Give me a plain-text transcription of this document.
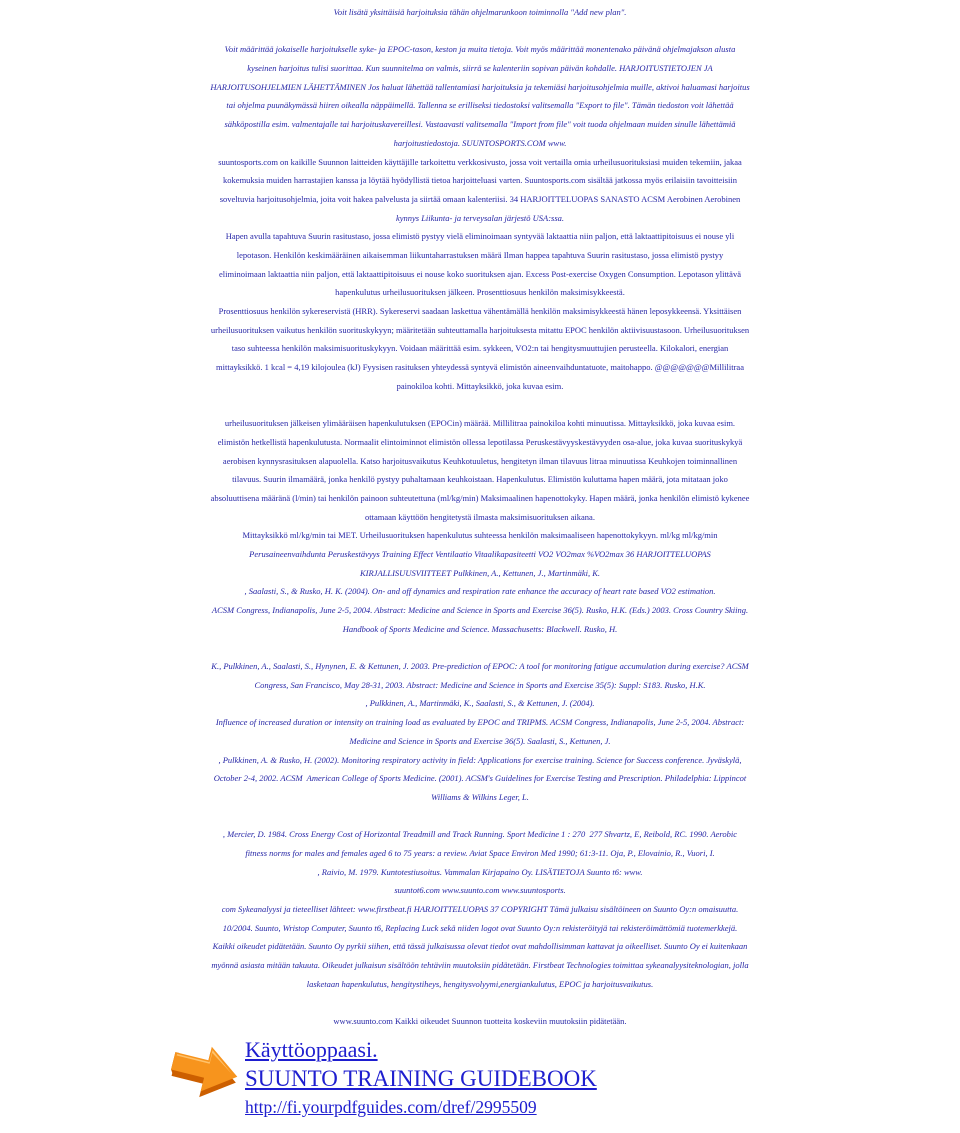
Voit lisätä yksittäisiä harjoituksia tähän ohjelmarunkoon toiminnolla "Add new plan".
Voit määrittää jokaiselle harjoitukselle syke- ja EPOC-tason, keston ja muita tietoja. Voit myös määrittää monentenako päivänä ohjelmajakson alusta
kyseinen harjoitus tulisi suorittaa. Kun suunnitelma on valmis, siirrä se kalenteriin sopivan päivän kohdalle. HARJOITUSTIETOJEN JA
HARJOITUSOHJELMIEN LÄHETTÄMINEN Jos haluat lähettää tallentamiasi harjoituksia ja tekemiäsi harjoitusohjelmia muille, aktivoi haluamasi harjoitus
tai ohjelma puunäkymässä hiiren oikealla näppäimellä. Tallenna se erilliseksi tiedostoksi valitsemalla "Export to file". Tämän tiedoston voit lähettää
sähköpostilla esim. valmentajalle tai harjoituskavereillesi. Vastaavasti valitsemalla "Import from file" voit tuoda ohjelmaan muiden sinulle lähettämiä
harjoitustiedostoja. SUUNTOSPORTS.COM www.
suuntosports.com on kaikille Suunnon laitteiden käyttäjille tarkoitettu verkkosivusto, jossa voit vertailla omia urheilusuorituksiasi muiden tekemiin, jakaa
kokemuksia muiden harrastajien kanssa ja löytää hyödyllistä tietoa harjoitteluasi varten. Suuntosports.com sisältää jatkossa myös erilaisiin tavoitteisiin
soveltuvia harjoitusohjelmia, joita voit hakea palvelusta ja siirtää omaan kalenteriisi. 34 HARJOITTELUOPAS SANASTO ACSM Aerobinen Aerobinen
kynnys Liikunta- ja terveysalan järjestö USA:ssa.
Hapen avulla tapahtuva Suurin rasitustaso, jossa elimistö pystyy vielä eliminoimaan syntyvää laktaattia niin paljon, että laktaattipitoisuus ei nouse yli
lepotason. Henkilön keskimääräinen aikaisemman liikuntaharrastuksen määrä Ilman happea tapahtuva Suurin rasitustaso, jossa elimistö pystyy
eliminoimaan laktaattia niin paljon, että laktaattipitoisuus ei nouse koko suorituksen ajan. Excess Post-exercise Oxygen Consumption. Lepotason ylittävä
hapenkulutus urheilusuorituksen jälkeen. Prosenttiosuus henkilön maksimisykkeestä.
Prosenttiosuus henkilön sykereservistä (HRR). Sykereservi saadaan laskettua vähentämällä henkilön maksimisykkeestä hänen leposykkeensä. Yksittäisen
urheilusuorituksen vaikutus henkilön suorituskykyyn; määritetään suhteuttamalla harjoituksesta mitattu EPOC henkilön aktiivisuustasoon. Urheilusuorituksen
taso suhteessa henkilön maksimisuorituskykyyn. Voidaan määrittää esim. sykkeen, VO2:n tai hengitysmuuttujien perusteella. Kilokalori, energian
mittayksikkö. 1 kcal = 4,19 kilojoulea (kJ) Fyysisen rasituksen yhteydessä syntyvä elimistön aineenvaihduntatuote, maitohappo. @@@@@@@Millilitraa
painokiloa kohti. Mittayksikkö, joka kuvaa esim.
urheilusuorituksen jälkeisen ylimääräisen hapenkulutuksen (EPOCin) määrää. Millilitraa painokiloa kohti minuutissa. Mittayksikkö, joka kuvaa esim.
elimistön hetkellistä hapenkulutusta. Normaalit elintoiminnot elimistön ollessa lepotilassa Peruskestävyyskestävyyden osa-alue, joka kuvaa suorituskykyä
aerobisen kynnysrasituksen alapuolella. Katso harjoitusvaikutus Keuhkotuuletus, hengitetyn ilman tilavuus litraa minuutissa Keuhkojen toiminnallinen
tilavuus. Suurin ilmamäärä, jonka henkilö pystyy puhaltamaan keuhkoistaan. Hapenkulutus. Elimistön kuluttama hapen määrä, jota mitataan joko
absoluuttisena määränä (l/min) tai henkilön painoon suhteutettuna (ml/kg/min) Maksimaalinen hapenottokyky. Hapen määrä, jonka henkilön elimistö kykenee
ottamaan käyttöön hengitetystä ilmasta maksimisuorituksen aikana.
Mittayksikkö ml/kg/min tai MET. Urheilusuorituksen hapenkulutus suhteessa henkilön maksimaaliseen hapenottokykyyn. ml/kg ml/kg/min
Perusaineenvaihdunta Peruskestävyys Training Effect Ventilaatio Vitaalikapasiteetti VO2 VO2max %VO2max 36 HARJOITTELUOPAS
KIRJALLISUUSVIITTEET Pulkkinen, A., Kettunen, J., Martinmäki, K.
, Saalasti, S., & Rusko, H. K. (2004). On- and off dynamics and respiration rate enhance the accuracy of heart rate based VO2 estimation.
ACSM Congress, Indianapolis, June 2-5, 2004. Abstract: Medicine and Science in Sports and Exercise 36(5). Rusko, H.K. (Eds.) 2003. Cross Country Skiing.
Handbook of Sports Medicine and Science. Massachusetts: Blackwell. Rusko, H.
K., Pulkkinen, A., Saalasti, S., Hynynen, E. & Kettunen, J. 2003. Pre-prediction of EPOC: A tool for monitoring fatigue accumulation during exercise? ACSM
Congress, San Francisco, May 28-31, 2003. Abstract: Medicine and Science in Sports and Exercise 35(5): Suppl: S183. Rusko, H.K.
, Pulkkinen, A., Martinmäki, K., Saalasti, S., & Kettunen, J. (2004).
Influence of increased duration or intensity on training load as evaluated by EPOC and TRIPMS. ACSM Congress, Indianapolis, June 2-5, 2004. Abstract:
Medicine and Science in Sports and Exercise 36(5). Saalasti, S., Kettunen, J.
, Pulkkinen, A. & Rusko, H. (2002). Monitoring respiratory activity in field: Applications for exercise training. Science for Success conference. Jyväskylä,
October 2-4, 2002. ACSM  American College of Sports Medicine. (2001). ACSM's Guidelines for Exercise Testing and Prescription. Philadelphia: Lippincot
Williams & Wilkins Leger, L.
, Mercier, D. 1984. Cross Energy Cost of Horizontal Treadmill and Track Running. Sport Medicine 1 : 270  277 Shvartz, E, Reibold, RC. 1990. Aerobic
fitness norms for males and females aged 6 to 75 years: a review. Aviat Space Environ Med 1990; 61:3-11. Oja, P., Elovainio, R., Vuori, I.
, Raivio, M. 1979. Kuntotestiusoitus. Vammalan Kirjapaino Oy. LISÄTIETOJA Suunto t6: www.
suuntot6.com www.suunto.com www.suuntosports.
com Sykeanalyysi ja tieteelliset lähteet: www.firstbeat.fi HARJOITTELUOPAS 37 COPYRIGHT Tämä julkaisu sisältöineen on Suunto Oy:n omaisuutta.
10/2004. Suunto, Wristop Computer, Suunto t6, Replacing Luck sekä niiden logot ovat Suunto Oy:n rekisteröityjä tai rekisteröimättömiä tuotemerkkejä.
Kaikki oikeudet pidätetään. Suunto Oy pyrkii siihen, että tässä julkaisussa olevat tiedot ovat mahdollisimman kattavat ja oikeelliset. Suunto Oy ei kuitenkaan
myönnä asiasta mitään takuuta. Oikeudet julkaisun sisältöön tehtäviin muutoksiin pidätetään. Firstbeat Technologies toimittaa sykeanalyysiteknologian, jolla
lasketaan hapenkulutus, hengitystiheys, hengitysvolyymi,energiankulutus, EPOC ja harjoitusvaikutus.
www.suunto.com Kaikki oikeudet Suunnon tuotteita koskeviin muutoksiin pidätetään.
Käyttöoppaasi.
SUUNTO TRAINING GUIDEBOOK
http://fi.yourpdfguides.com/dref/2995509
